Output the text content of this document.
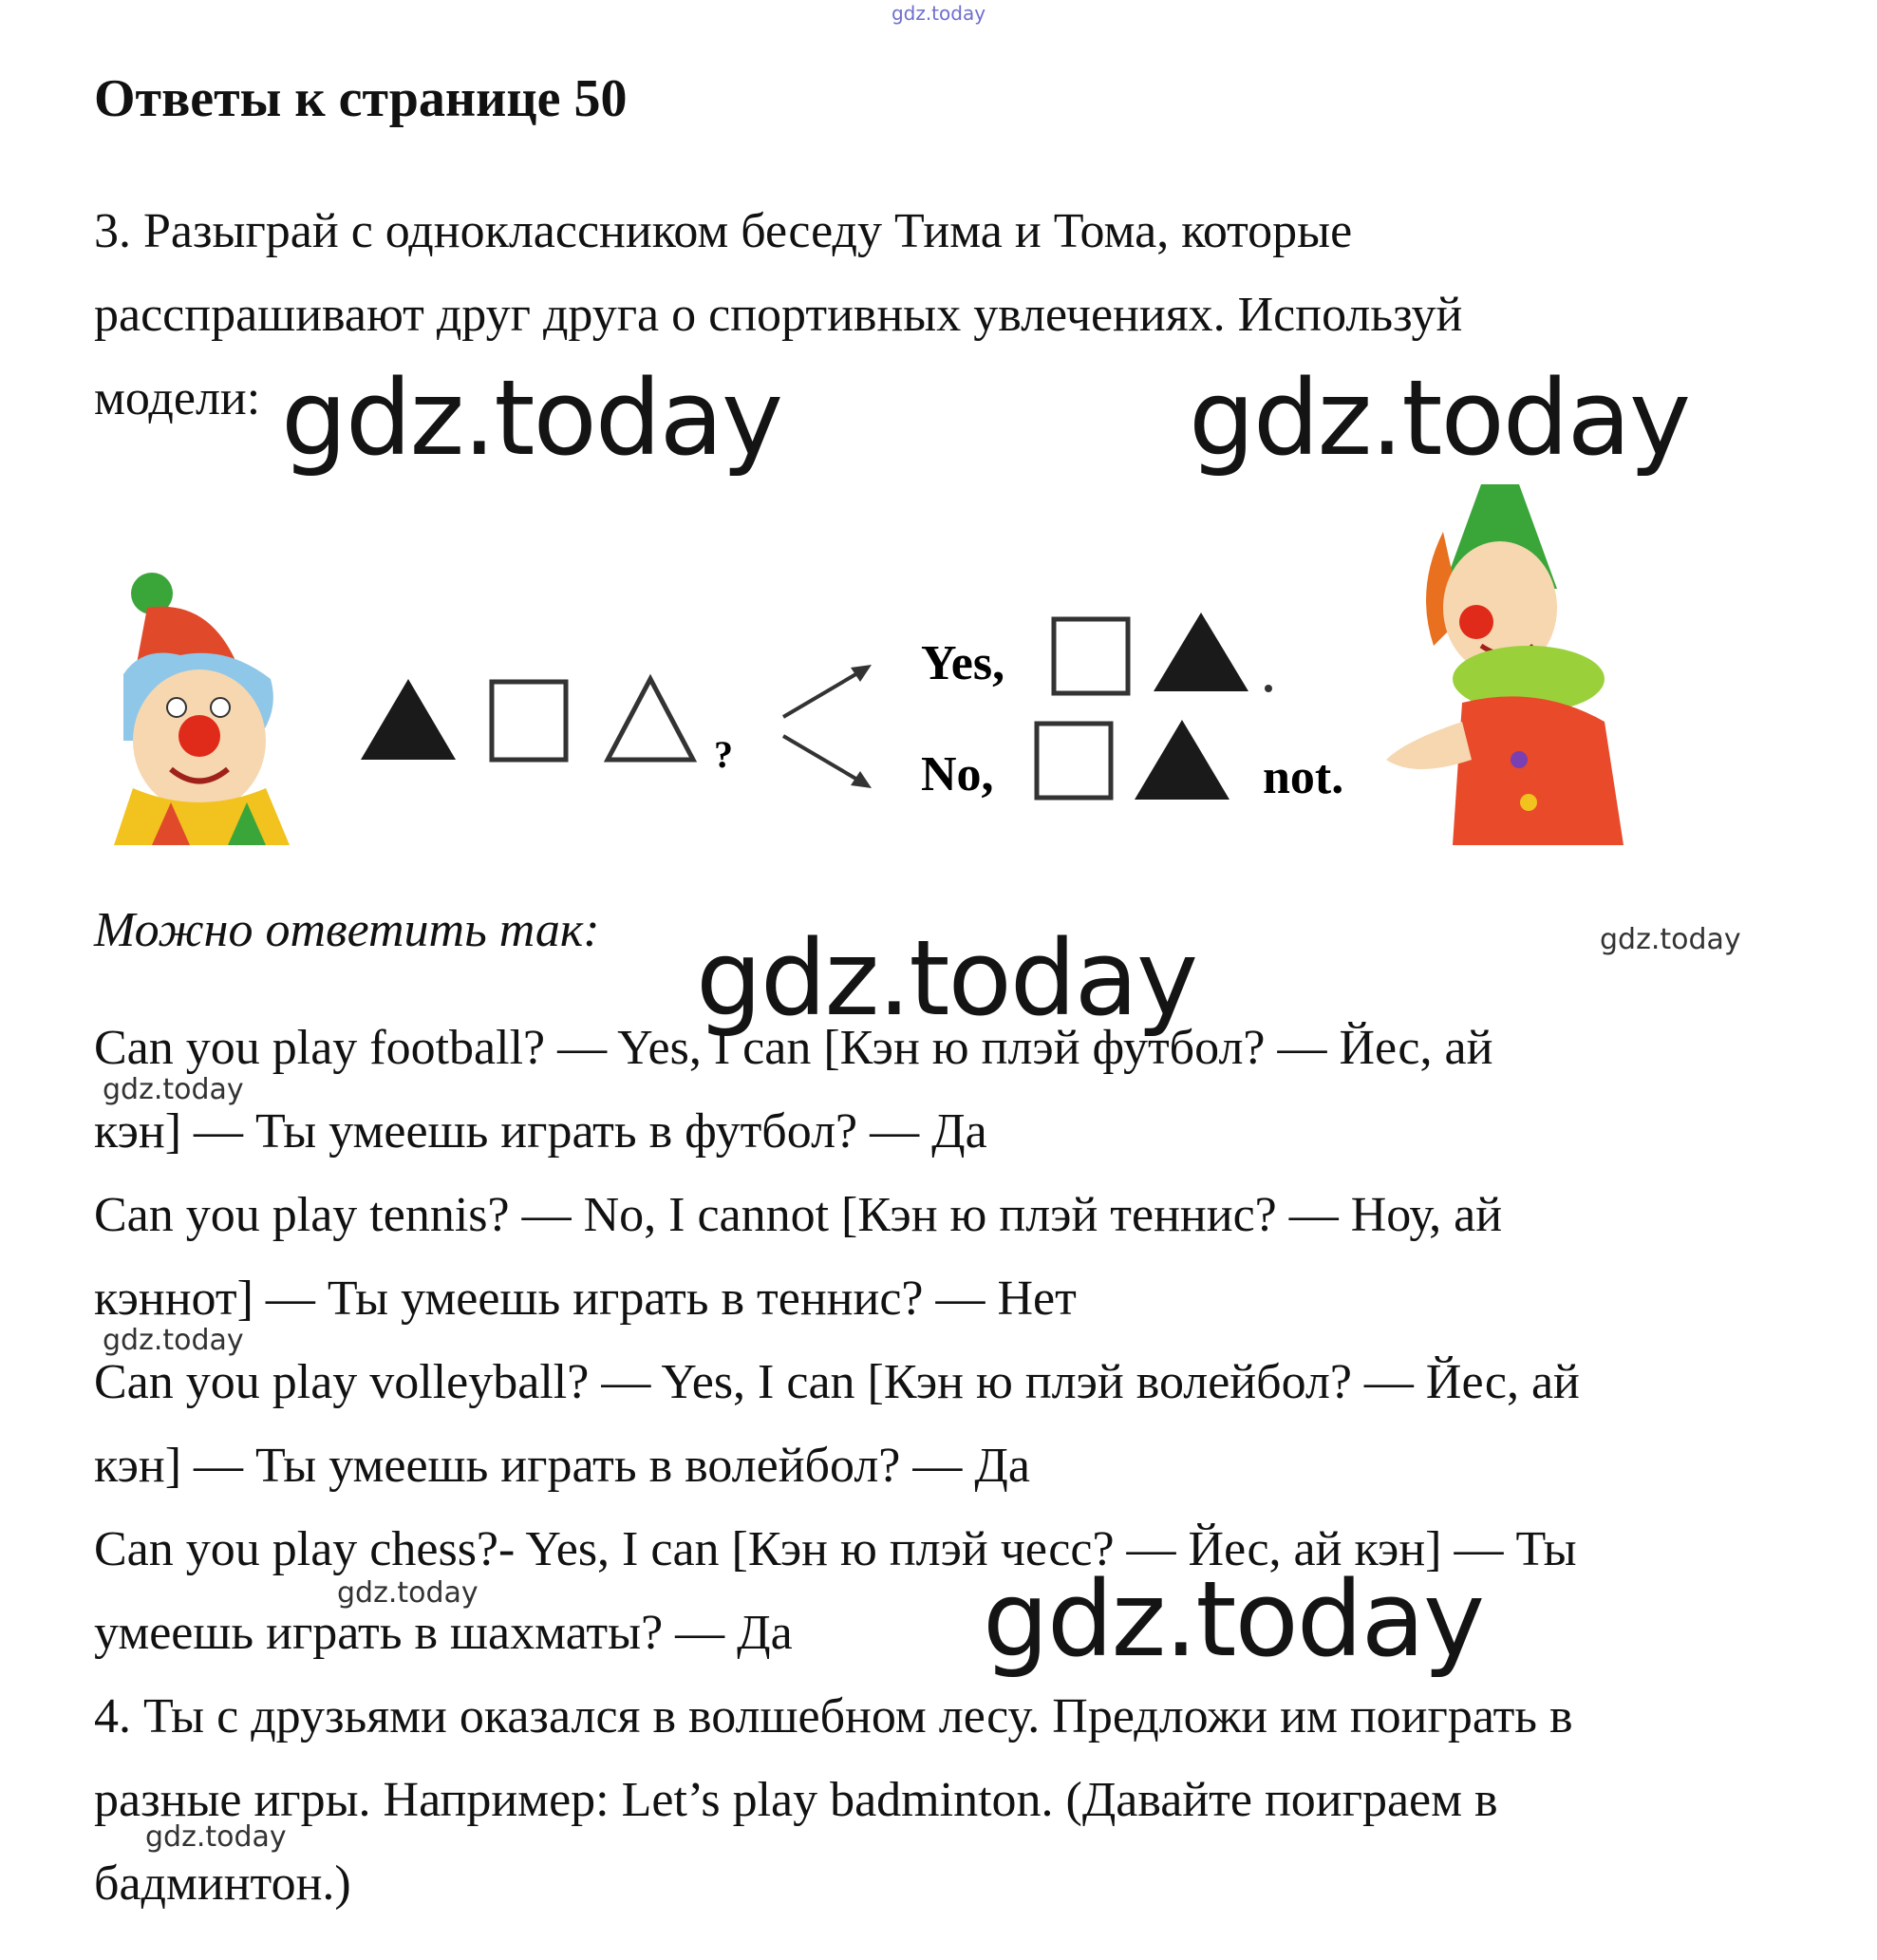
gdz.today
Ответы к странице 50
3. Разыграй с одноклассником беседу Тима и Тома, которые
расспрашивают друг друга о спортивных увлечениях. Используй
модели: gdz.today	gdz.today
?
Yes,
No,	not.
Можно ответить так: gdz.today	gdz.today
Can you play football? — Yes, I can [Кэн ю плэй футбол? — Йес, ай
кэн] — Ты умеешь играть в футбол? — Да
Can you play tennis? — No, I cannot [Кэн ю плэй теннис? — Ноу, ай
кэннот] — Ты умеешь играть в теннис? — Нет
Can you play volleyball? — Yes, I can [Кэн ю плэй волейбол? — Йес, ай
кэн] — Ты умеешь играть в волейбол? — Да
Can you play chess?- Yes, I can [Кэн ю плэй чесс? — Йес, ай кэн] — Ты
умеешь играть в шахматы? — Да
gdz.today
gdz.today
gdz.today	gdz.today
4. Ты с друзьями оказался в волшебном лесу. Предложи им поиграть в
разные игры. Например: Let’s play badminton. (Давайте поиграем в
бадминтон.)
gdz.today
